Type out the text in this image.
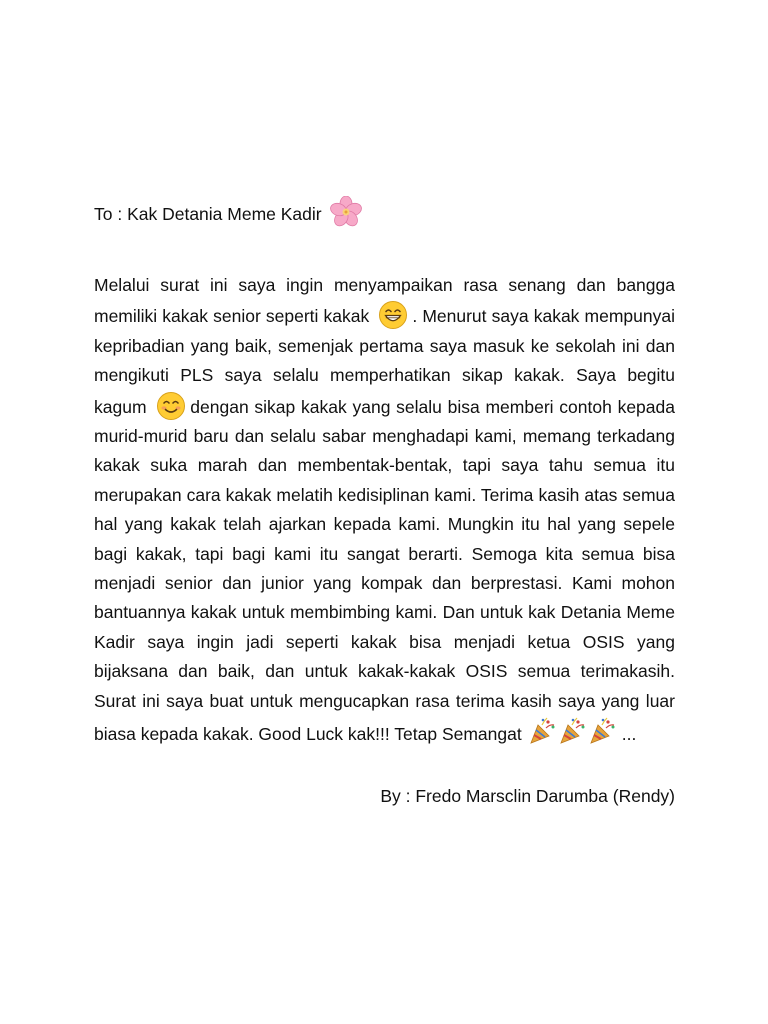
To : Kak Detania Meme Kadir

Melalui surat ini saya ingin menyampaikan rasa senang dan bangga memiliki kakak senior seperti kakak . Menurut saya kakak mempunyai kepribadian yang baik, semenjak pertama saya masuk ke sekolah ini dan mengikuti PLS saya selalu memperhatikan sikap kakak. Saya begitu kagum	dengan sikap kakak yang selalu bisa memberi contoh kepada murid-murid baru dan selalu sabar menghadapi kami, memang terkadang kakak suka marah dan membentak-bentak, tapi saya tahu semua itu merupakan cara kakak melatih kedisiplinan kami. Terima kasih atas semua hal yang kakak telah ajarkan kepada kami. Mungkin itu hal yang sepele bagi kakak, tapi bagi kami itu sangat berarti. Semoga kita semua bisa menjadi senior dan junior yang kompak dan berprestasi. Kami mohon bantuannya kakak untuk membimbing kami. Dan untuk kak Detania Meme Kadir saya ingin jadi seperti kakak bisa menjadi ketua OSIS yang bijaksana dan baik, dan untuk kakak-kakak OSIS semua terimakasih. Surat ini saya buat untuk mengucapkan rasa terima kasih saya yang luar biasa kepada kakak. Good Luck kak!!! Tetap Semangat	...

By : Fredo Marsclin Darumba (Rendy)
